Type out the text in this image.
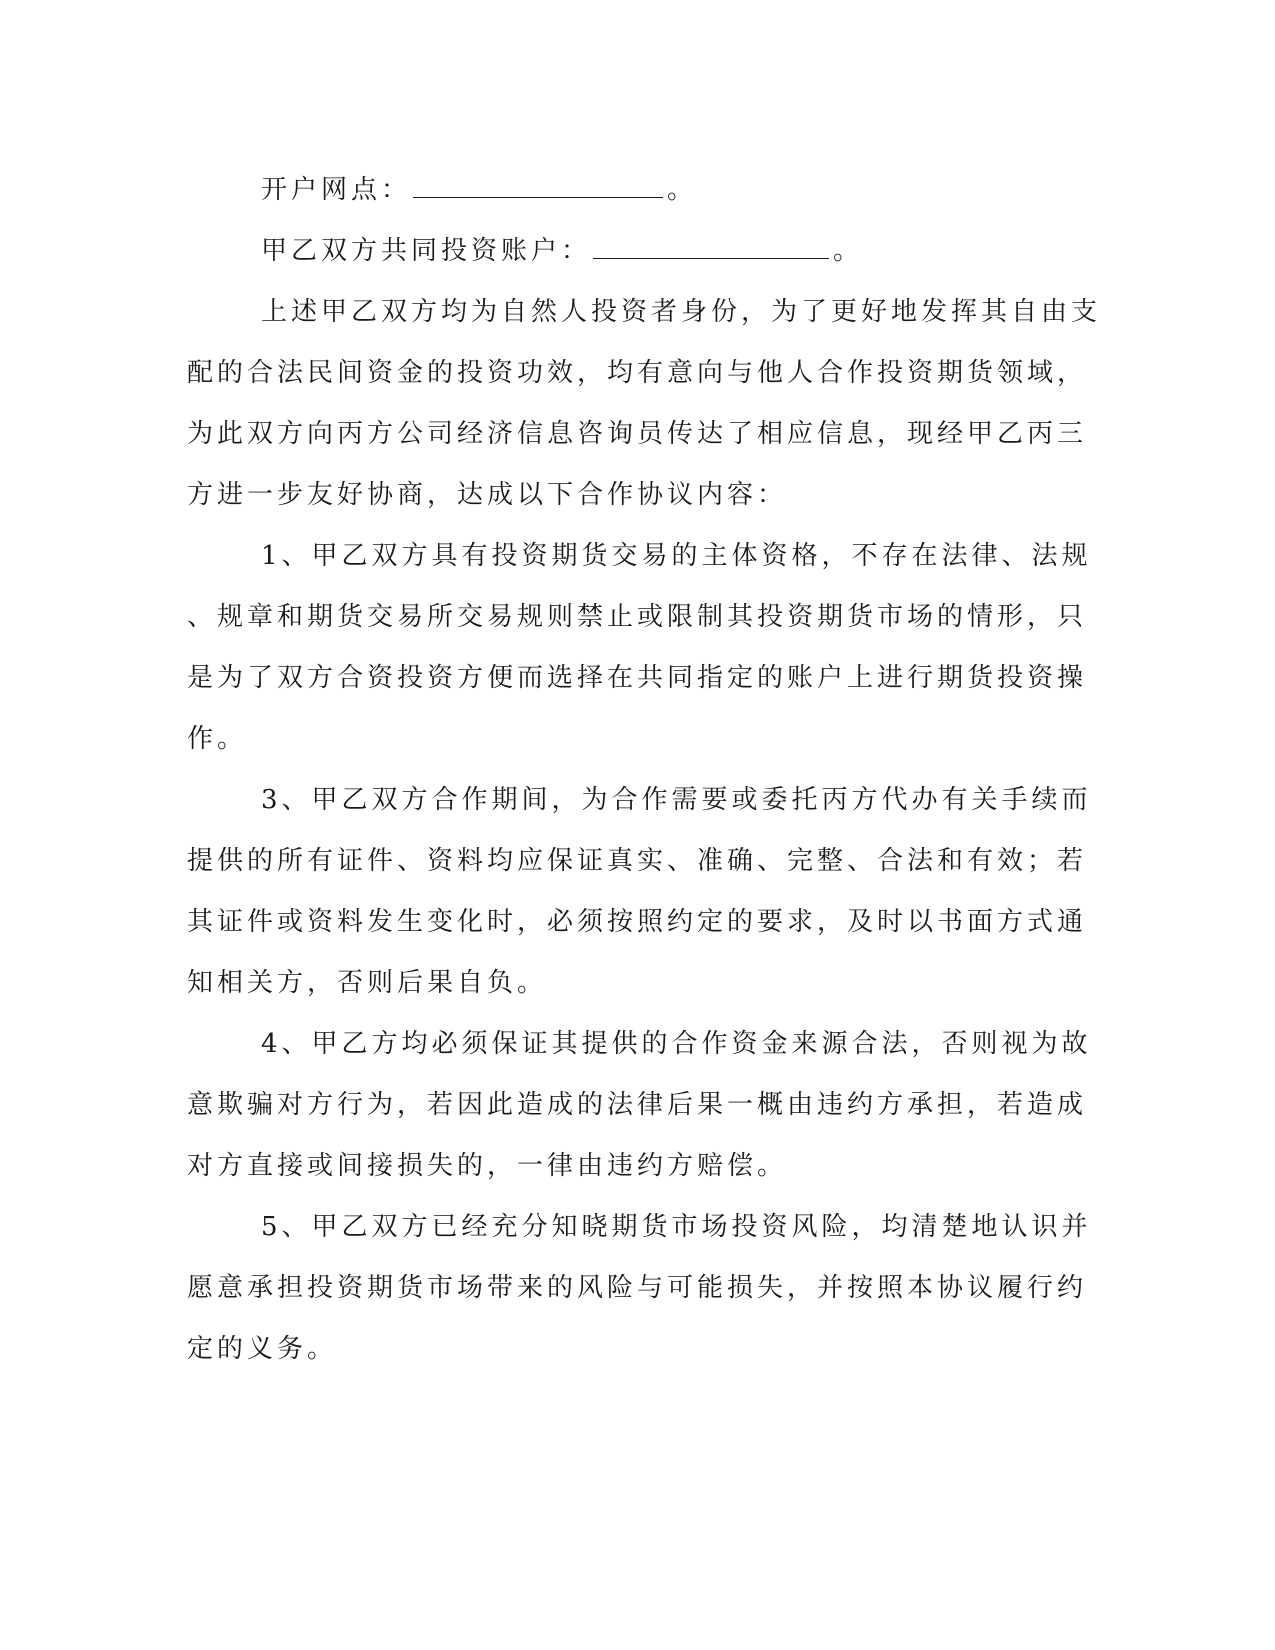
开户网点：	。
甲乙双方共同投资账户：	。
上述甲乙双方均为自然人投资者身份，为了更好地发挥其自由支
配的合法民间资金的投资功效，均有意向与他人合作投资期货领域，
为此双方向丙方公司经济信息咨询员传达了相应信息，现经甲乙丙三
方进一步友好协商，达成以下合作协议内容：
1、甲乙双方具有投资期货交易的主体资格，不存在法律、法规
、规章和期货交易所交易规则禁止或限制其投资期货市场的情形，只
是为了双方合资投资方便而选择在共同指定的账户上进行期货投资操
作。
3、甲乙双方合作期间，为合作需要或委托丙方代办有关手续而
提供的所有证件、资料均应保证真实、准确、完整、合法和有效；若
其证件或资料发生变化时，必须按照约定的要求，及时以书面方式通
知相关方，否则后果自负。
4、甲乙方均必须保证其提供的合作资金来源合法，否则视为故
意欺骗对方行为，若因此造成的法律后果一概由违约方承担，若造成
对方直接或间接损失的，一律由违约方赔偿。
5、甲乙双方已经充分知晓期货市场投资风险，均清楚地认识并
愿意承担投资期货市场带来的风险与可能损失，并按照本协议履行约
定的义务。
